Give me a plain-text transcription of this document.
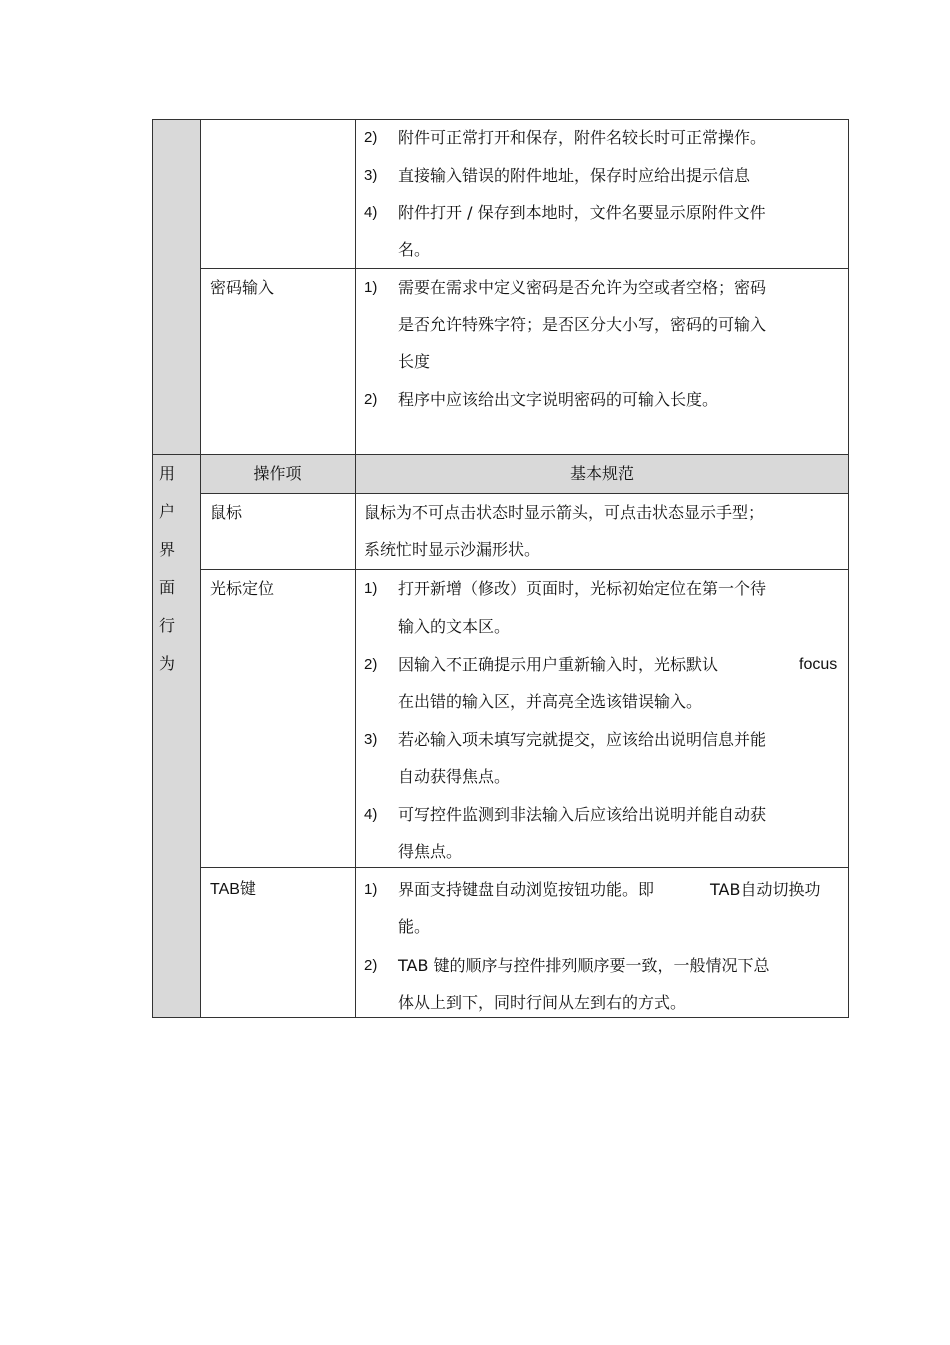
2) 附件可正常打开和保存，附件名较长时可正常操作。
3) 直接输入错误的附件地址，保存时应给出提示信息
4) 附件打开 / 保存到本地时，文件名要显示原附件文件
名。
密码输入	1) 需要在需求中定义密码是否允许为空或者空格；密码
是否允许特殊字符；是否区分大小写，密码的可输入
长度
2) 程序中应该给出文字说明密码的可输入长度。
用
户
界
面
行
为
操作项	基本规范
鼠标	鼠标为不可点击状态时显示箭头，可点击状态显示手型；
系统忙时显示沙漏形状。
光标定位	1) 打开新增（修改）页面时，光标初始定位在第一个待
输入的文本区。
2) 因输入不正确提示用户重新输入时，光标默认	focus
在出错的输入区，并高亮全选该错误输入。
3) 若必输入项未填写完就提交，应该给出说明信息并能
自动获得焦点。
4) 可写控件监测到非法输入后应该给出说明并能自动获
得焦点。
TAB键	1) 界面支持键盘自动浏览按钮功能。即	TAB自动切换功
能。
2) TAB 键的顺序与控件排列顺序要一致，一般情况下总
体从上到下，同时行间从左到右的方式。
